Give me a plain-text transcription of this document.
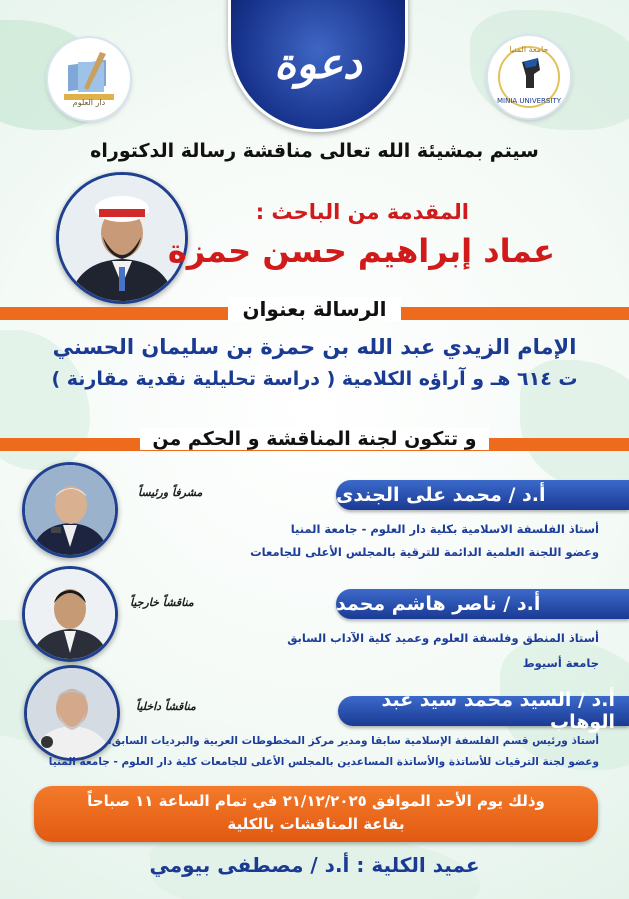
دعوة
دار العلوم
جامعة المنيا
MINIA UNIVERSITY
سيتم بمشيئة الله تعالى مناقشة رسالة الدكتوراه
المقدمة من الباحث :
عماد إبراهيم حسن حمزة
الرسالة بعنوان
الإمام الزيدي عبد الله بن حمزة بن سليمان الحسني
ت ٦١٤ هـ و آراؤه الكلامية ( دراسة تحليلية نقدية مقارنة )
و تتكون لجنة المناقشة و الحكم من
أ.د / محمد على الجندى
مشرفاً ورئيساً
أستاذ الفلسفة الاسلامية بكلية دار العلوم - جامعة المنيا
وعضو اللجنة العلمية الدائمة للترقية بالمجلس الأعلى للجامعات
أ.د / ناصر هاشم محمد
مناقشاً خارجياً
أستاذ المنطق وفلسفة العلوم وعميد كلية الآداب السابق
جامعة أسيوط
أ.د / السيد محمد سيد عبد الوهاب
مناقشاً داخلياً
أستاذ ورئيس قسم الفلسفة الإسلامية سابقا ومدير مركز المخطوطات العربية والبرديات السابق،
وعضو لجنة الترقيات للأساتذة والأساتذة المساعدين بالمجلس الأعلى للجامعات كلية دار العلوم - جامعة المنيا
وذلك يوم الأحد الموافق ٢١/١٢/٢٠٢٥ في تمام الساعة ١١ صباحاً
بقاعة المناقشات بالكلية
عميد الكلية : أ.د / مصطفى بيومي
